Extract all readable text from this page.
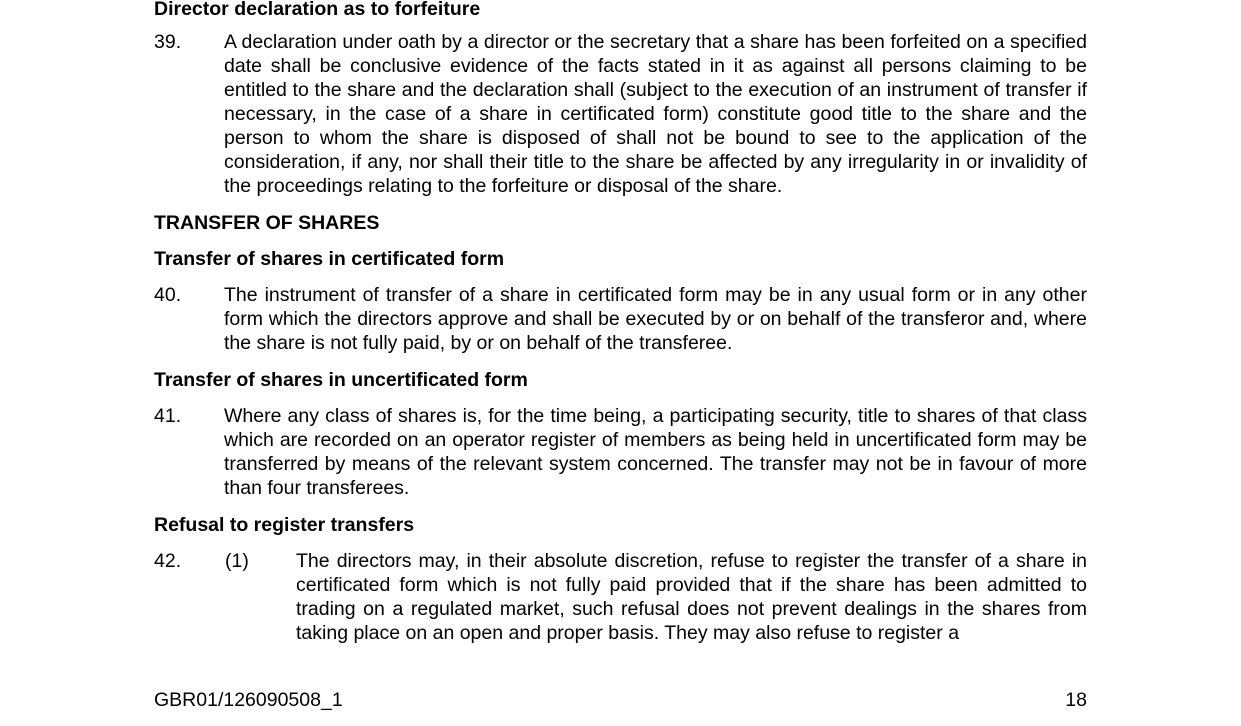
Director declaration as to forfeiture

39. A declaration under oath by a director or the secretary that a share has been forfeited on a specified date shall be conclusive evidence of the facts stated in it as against all persons claiming to be entitled to the share and the declaration shall (subject to the execution of an instrument of transfer if necessary, in the case of a share in certificated form) constitute good title to the share and the person to whom the share is disposed of shall not be bound to see to the application of the consideration, if any, nor shall their title to the share be affected by any irregularity in or invalidity of the proceedings relating to the forfeiture or disposal of the share.

TRANSFER OF SHARES

Transfer of shares in certificated form

40. The instrument of transfer of a share in certificated form may be in any usual form or in any other form which the directors approve and shall be executed by or on behalf of the transferor and, where the share is not fully paid, by or on behalf of the transferee.

Transfer of shares in uncertificated form

41. Where any class of shares is, for the time being, a participating security, title to shares of that class which are recorded on an operator register of members as being held in uncertificated form may be transferred by means of the relevant system concerned. The transfer may not be in favour of more than four transferees.

Refusal to register transfers

42. (1) The directors may, in their absolute discretion, refuse to register the transfer of a share in certificated form which is not fully paid provided that if the share has been admitted to trading on a regulated market, such refusal does not prevent dealings in the shares from taking place on an open and proper basis. They may also refuse to register a
GBR01/126090508_1	18
